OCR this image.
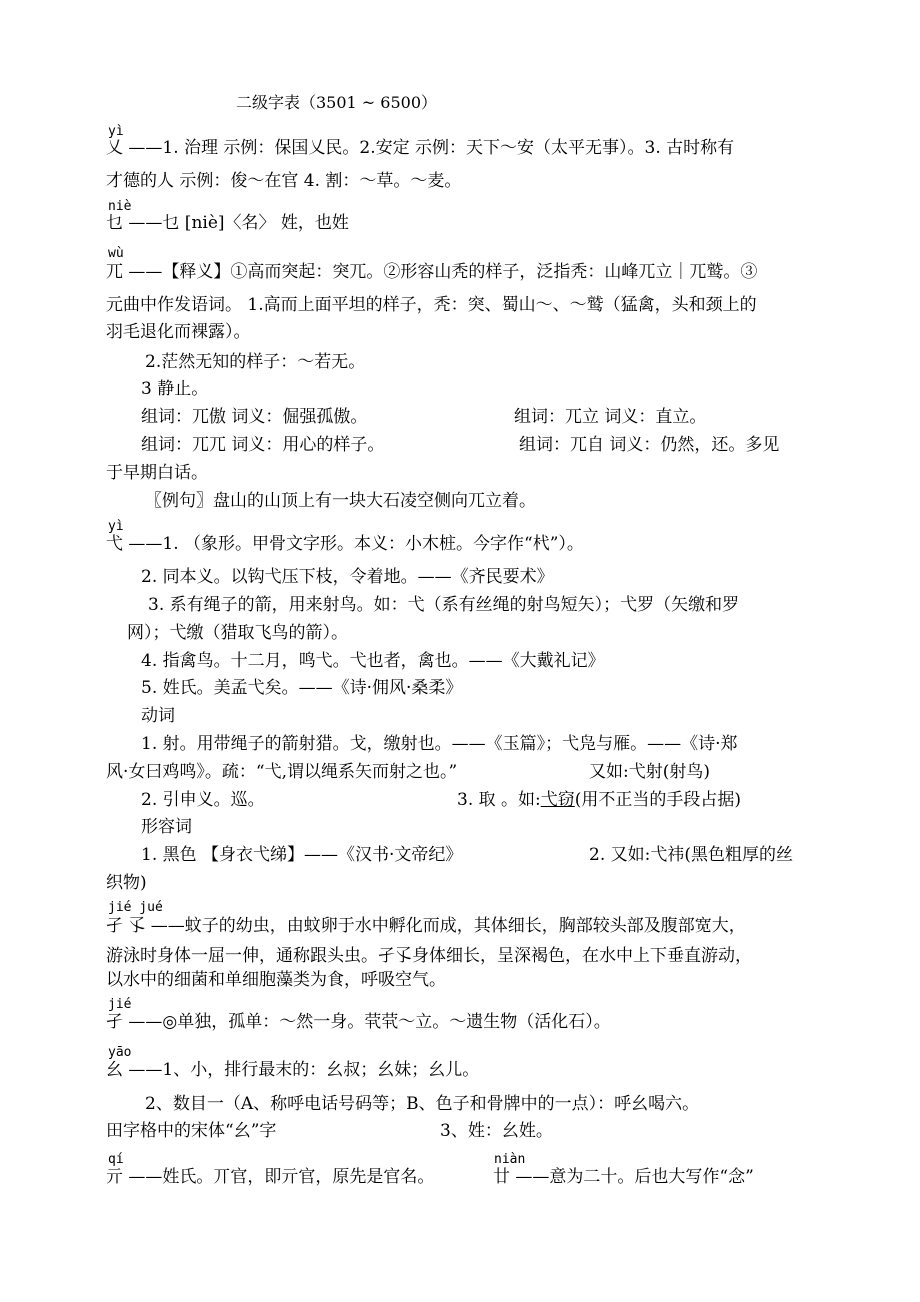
二级字表（3501 ~ 6500）
yì
乂 ——1. 治理 示例：保国乂民。2.安定 示例：天下～安（太平无事）。3. 古时称有
才德的人 示例：俊～在官 4. 割：～草。～麦。
niè
乜 ——乜 [niè]〈名〉 姓，也姓
wù
兀 ——【释义】①高而突起：突兀。②形容山秃的样子，泛指秃：山峰兀立｜兀鹫。③
元曲中作发语词。 1.高而上面平坦的样子，秃：突、蜀山～、～鹫（猛禽，头和颈上的
羽毛退化而裸露）。
2.茫然无知的样子：～若无。
3 静止。
组词：兀傲 词义：倔强孤傲。	组词：兀立 词义：直立。
组词：兀兀 词义：用心的样子。	组词：兀自 词义：仍然，还。多见
于早期白话。
〖例句〗盘山的山顶上有一块大石凌空侧向兀立着。
yì
弋 ——1. （象形。甲骨文字形。本义：小木桩。今字作“杙”）。
2. 同本义。以钩弋压下枝，令着地。——《齐民要术》
3. 系有绳子的箭，用来射鸟。如：弋（系有丝绳的射鸟短矢）；弋罗（矢缴和罗
网）；弋缴（猎取飞鸟的箭）。
4. 指禽鸟。十二月，鸣弋。弋也者，禽也。——《大戴礼记》
5. 姓氏。美孟弋矣。——《诗·佣风·桑柔》
动词
1. 射。用带绳子的箭射猎。戈，缴射也。——《玉篇》；弋凫与雁。——《诗·郑
风·女曰鸡鸣》。疏：“弋,谓以绳系矢而射之也。”	又如:弋射(射鸟)
2. 引申义。巡。	3. 取 。如:弋窃(用不正当的手段占据)
形容词
1. 黑色 【身衣弋绨】——《汉书·文帝纪》	2. 又如:弋祎(黑色粗厚的丝
织物)
jié jué
孑 孓 ——蚊子的幼虫，由蚊卵于水中孵化而成，其体细长，胸部较头部及腹部宽大，
游泳时身体一屈一伸，通称跟头虫。孑孓身体细长，呈深褐色，在水中上下垂直游动，
以水中的细菌和单细胞藻类为食，呼吸空气。
jié
孑 ——◎单独，孤单：～然一身。茕茕～立。～遗生物（活化石）。
yāo
幺 ——1、小，排行最末的：幺叔；幺妹；幺儿。
2、数目一（A、称呼电话号码等；B、色子和骨牌中的一点）：呼幺喝六。
田字格中的宋体“幺”字	3、姓：幺姓。
qí
亓 ——姓氏。丌官，即亓官，原先是官名。
niàn
廿 ——意为二十。后也大写作“念”
